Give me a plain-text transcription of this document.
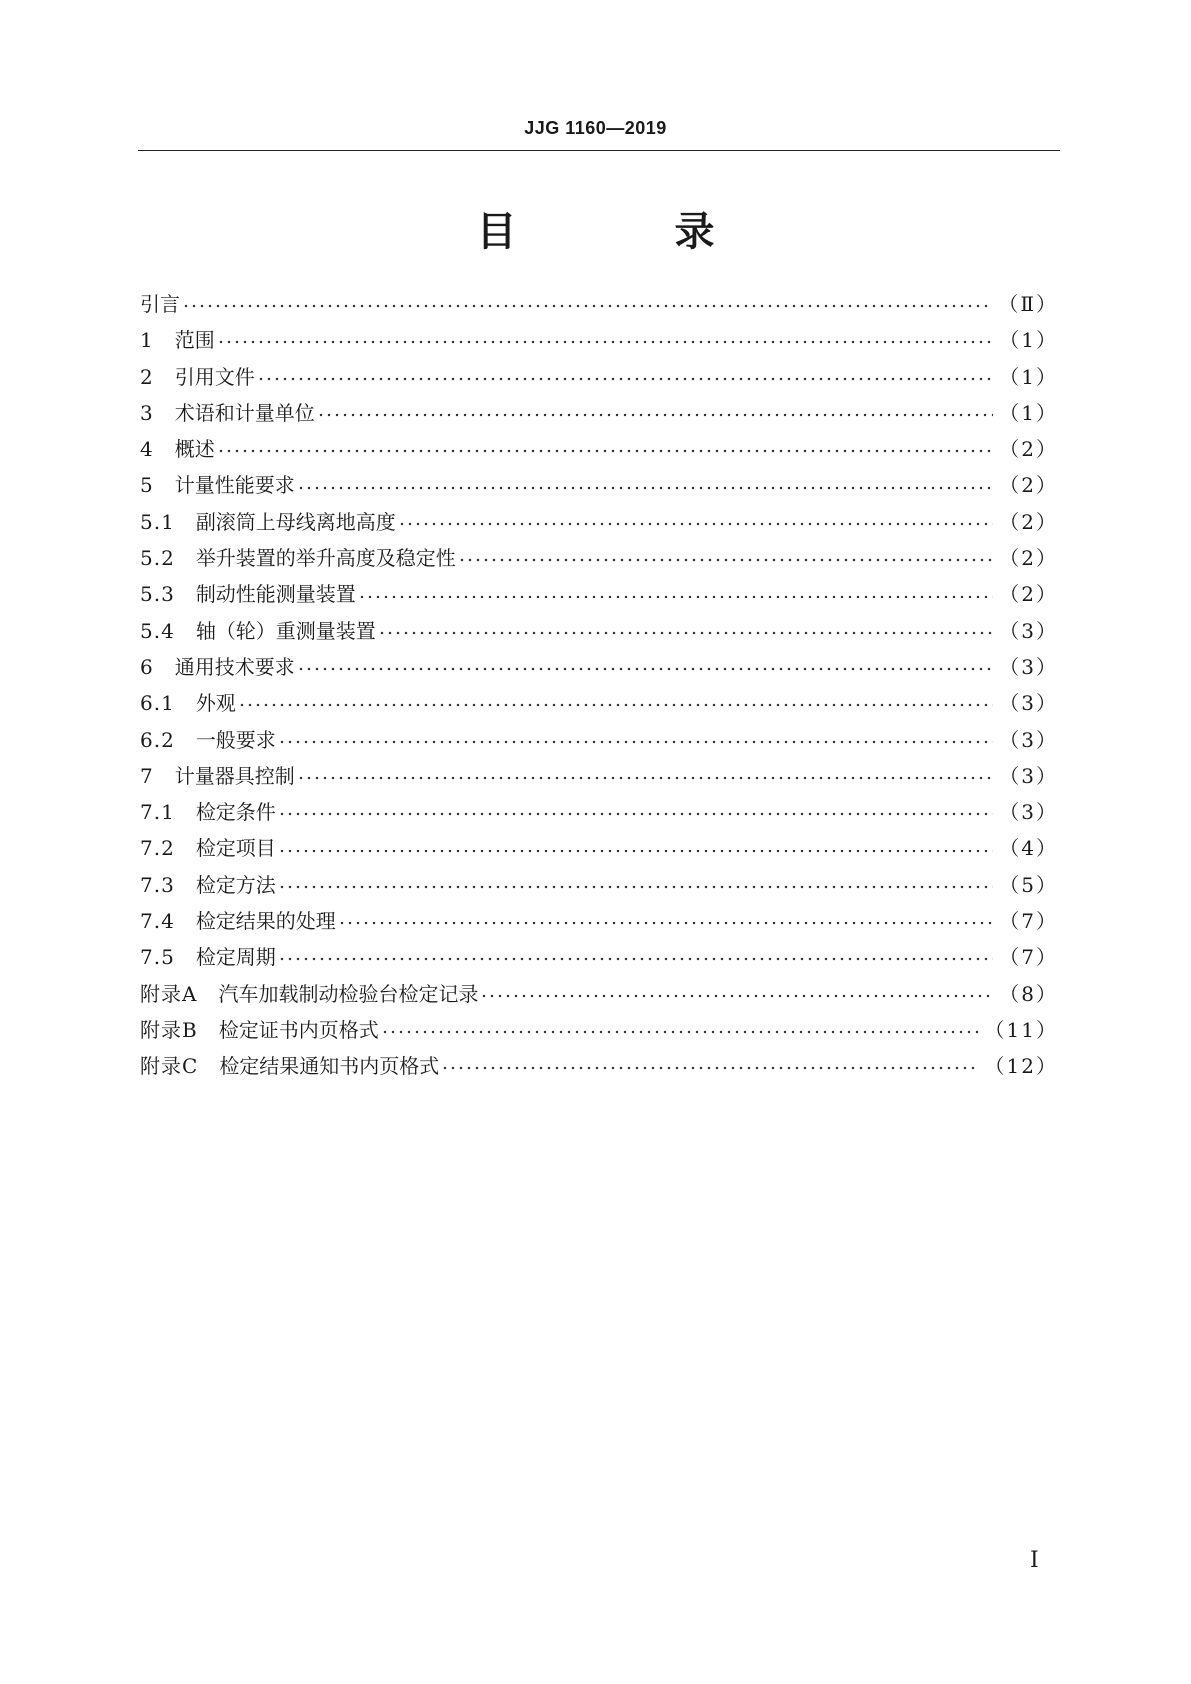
JJG 1160—2019
目 录
引言	（Ⅱ）
1　 范围	（1）
2　 引用文件	（1）
3　 术语和计量单位	（1）
4　 概述	（2）
5　 计量性能要求	（2）
5.1　 副滚筒上母线离地高度	（2）
5.2　 举升装置的举升高度及稳定性	（2）
5.3　 制动性能测量装置	（2）
5.4　 轴（轮）重测量装置	（3）
6　 通用技术要求	（3）
6.1　 外观	（3）
6.2　 一般要求	（3）
7　 计量器具控制	（3）
7.1　 检定条件	（3）
7.2　 检定项目	（4）
7.3　 检定方法	（5）
7.4　 检定结果的处理	（7）
7.5　 检定周期	（7）
附录A　 汽车加载制动检验台检定记录	（8）
附录B　 检定证书内页格式	（11）
附录C　 检定结果通知书内页格式	（12）
Ⅰ
